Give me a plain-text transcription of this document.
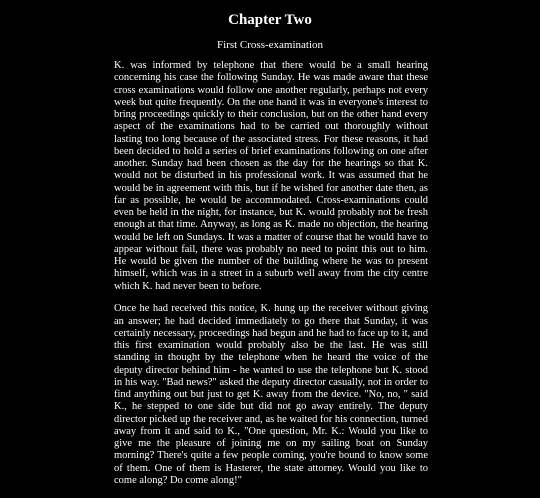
Chapter Two

First Cross-examination

K. was informed by telephone that there would be a small hearing concerning his case the following Sunday. He was made aware that these cross examinations would follow one another regularly, perhaps not every week but quite frequently. On the one hand it was in everyone's interest to bring proceedings quickly to their conclusion, but on the other hand every aspect of the examinations had to be carried out thoroughly without lasting too long because of the associated stress. For these reasons, it had been decided to hold a series of brief examinations following on one after another. Sunday had been chosen as the day for the hearings so that K. would not be disturbed in his professional work. It was assumed that he would be in agreement with this, but if he wished for another date then, as far as possible, he would be accommodated. Cross-examinations could even be held in the night, for instance, but K. would probably not be fresh enough at that time. Anyway, as long as K. made no objection, the hearing would be left on Sundays. It was a matter of course that he would have to appear without fail, there was probably no need to point this out to him. He would be given the number of the building where he was to present himself, which was in a street in a suburb well away from the city centre which K. had never been to before.

Once he had received this notice, K. hung up the receiver without giving an answer; he had decided immediately to go there that Sunday, it was certainly necessary, proceedings had begun and he had to face up to it, and this first examination would probably also be the last. He was still standing in thought by the telephone when he heard the voice of the deputy director behind him - he wanted to use the telephone but K. stood in his way. "Bad news?" asked the deputy director casually, not in order to find anything out but just to get K. away from the device. "No, no, " said K., he stepped to one side but did not go away entirely. The deputy director picked up the receiver and, as he waited for his connection, turned away from it and said to K., "One question, Mr. K.: Would you like to give me the pleasure of joining me on my sailing boat on Sunday morning? There's quite a few people coming, you're bound to know some of them. One of them is Hasterer, the state attorney. Would you like to come along? Do come along!"
